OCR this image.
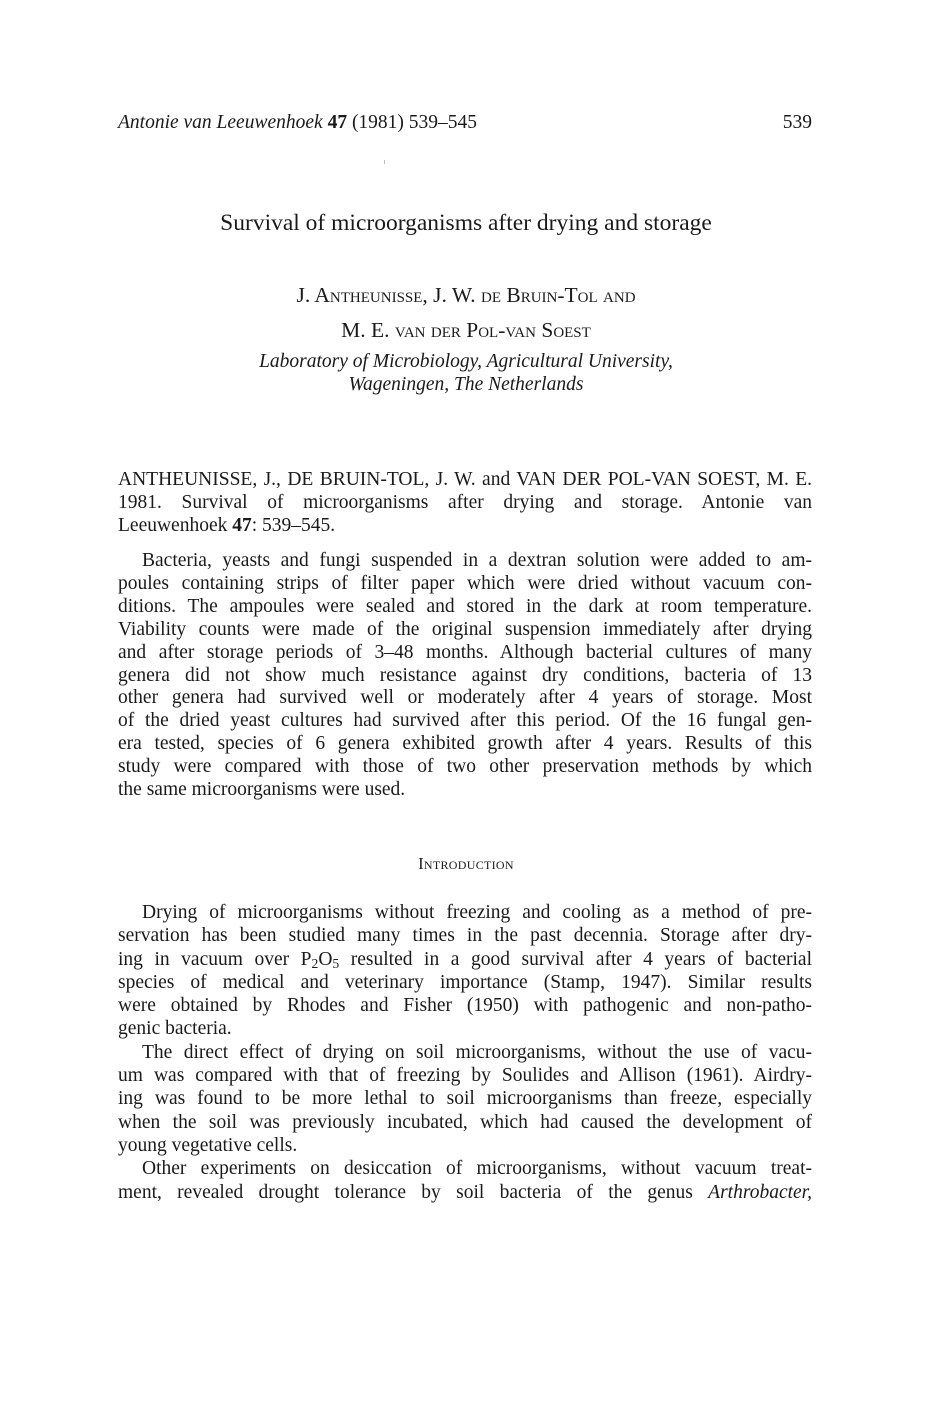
Antonie van Leeuwenhoek 47 (1981) 539–545	539
Survival of microorganisms after drying and storage
J. Antheunisse, J. W. de Bruin-Tol and
M. E. van der Pol-van Soest
Laboratory of Microbiology, Agricultural University,
Wageningen, The Netherlands
ANTHEUNISSE, J., DE BRUIN-TOL, J. W. and VAN DER POL-VAN SOEST, M. E.
1981. Survival of microorganisms after drying and storage. Antonie van
Leeuwenhoek 47: 539–545.
Bacteria, yeasts and fungi suspended in a dextran solution were added to am-
poules containing strips of filter paper which were dried without vacuum con-
ditions. The ampoules were sealed and stored in the dark at room temperature.
Viability counts were made of the original suspension immediately after drying
and after storage periods of 3–48 months. Although bacterial cultures of many
genera did not show much resistance against dry conditions, bacteria of 13
other genera had survived well or moderately after 4 years of storage. Most
of the dried yeast cultures had survived after this period. Of the 16 fungal gen-
era tested, species of 6 genera exhibited growth after 4 years. Results of this
study were compared with those of two other preservation methods by which
the same microorganisms were used.
Introduction
Drying of microorganisms without freezing and cooling as a method of pre-
servation has been studied many times in the past decennia. Storage after dry-
ing in vacuum over $P_2O_5$ resulted in a good survival after 4 years of bacterial
species of medical and veterinary importance (Stamp, 1947). Similar results
were obtained by Rhodes and Fisher (1950) with pathogenic and non-patho-
genic bacteria.
The direct effect of drying on soil microorganisms, without the use of vacu-
um was compared with that of freezing by Soulides and Allison (1961). Airdry-
ing was found to be more lethal to soil microorganisms than freeze, especially
when the soil was previously incubated, which had caused the development of
young vegetative cells.
Other experiments on desiccation of microorganisms, without vacuum treat-
ment, revealed drought tolerance by soil bacteria of the genus Arthrobacter,
